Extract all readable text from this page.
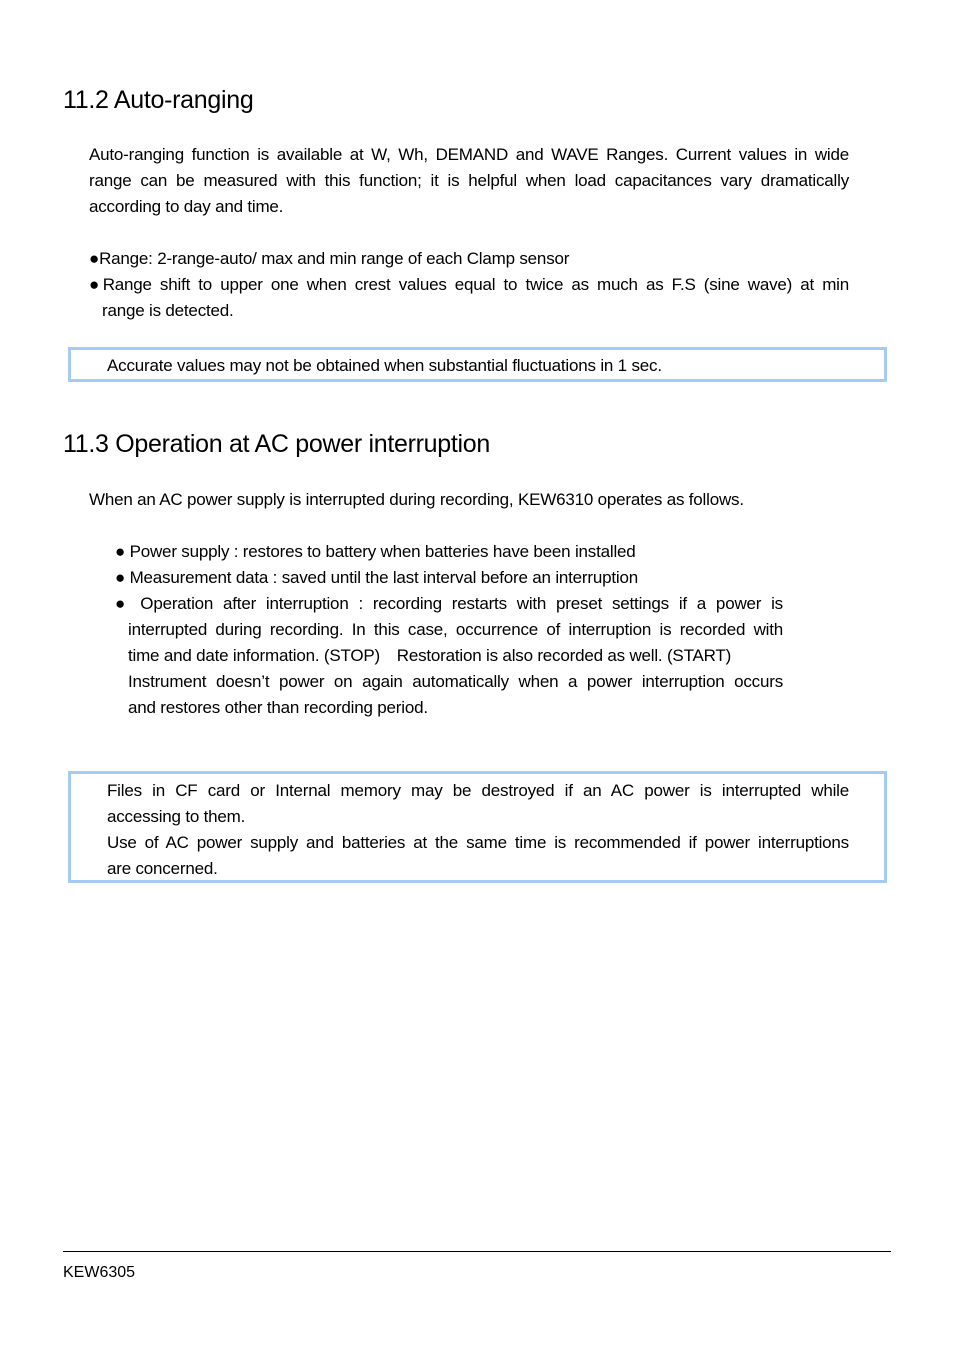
11.2 Auto-ranging
Auto-ranging function is available at W, Wh, DEMAND and WAVE Ranges. Current values in wide
range can be measured with this function; it is helpful when load capacitances vary dramatically
according to day and time.
●Range: 2-range-auto/ max and min range of each Clamp sensor
●Range shift to upper one when crest values equal to twice as much as F.S (sine wave) at min
range is detected.
Accurate values may not be obtained when substantial fluctuations in 1 sec.
11.3 Operation at AC power interruption
When an AC power supply is interrupted during recording, KEW6310 operates as follows.
● Power supply : restores to battery when batteries have been installed
● Measurement data : saved until the last interval before an interruption
● Operation after interruption : recording restarts with preset settings if a power is
interrupted during recording. In this case, occurrence of interruption is recorded with
time and date information. (STOP)　Restoration is also recorded as well. (START)
Instrument doesn’t power on again automatically when a power interruption occurs
and restores other than recording period.
Files in CF card or Internal memory may be destroyed if an AC power is interrupted while
accessing to them.
Use of AC power supply and batteries at the same time is recommended if power interruptions
are concerned.
KEW6305
